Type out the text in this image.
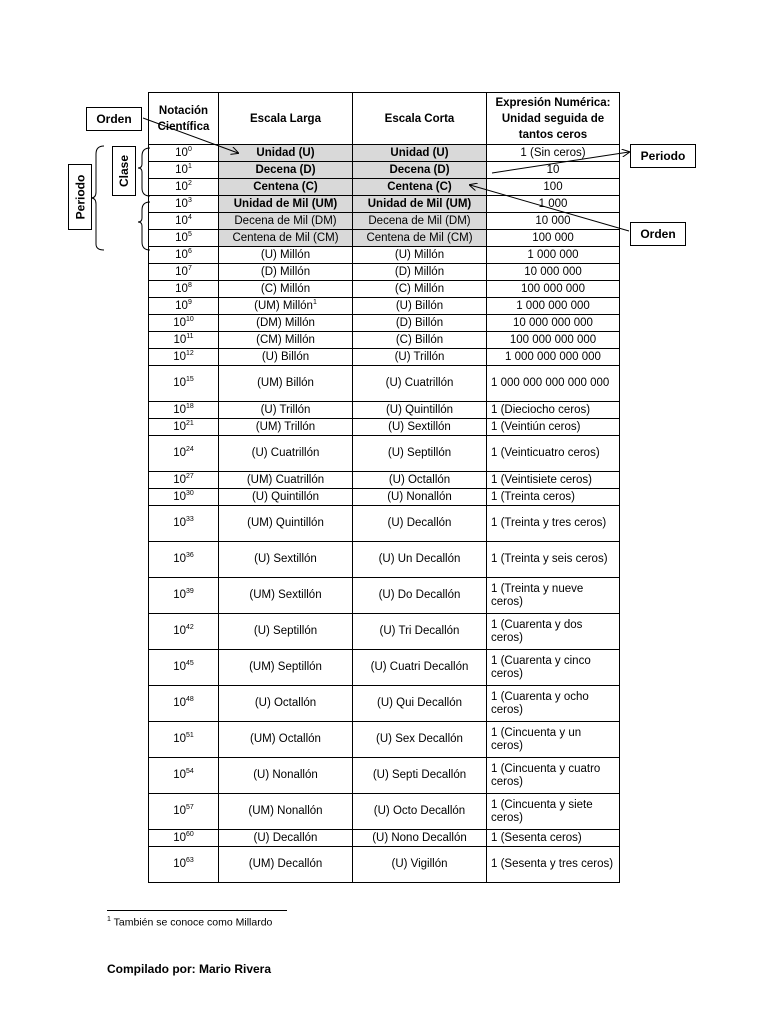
Notación Científica	Escala Larga	Escala Corta	Expresión Numérica: Unidad seguida de tantos ceros
$10^0$	Unidad (U)	Unidad (U)	1 (Sin ceros)
$10^1$	Decena (D)	Decena (D)	10
$10^2$	Centena (C)	Centena (C)	100
$10^3$	Unidad de Mil (UM)	Unidad de Mil (UM)	1 000
$10^4$	Decena de Mil (DM)	Decena de Mil (DM)	10 000
$10^5$	Centena de Mil (CM)	Centena de Mil (CM)	100 000
$10^6$	(U) Millón	(U) Millón	1 000 000
$10^7$	(D) Millón	(D) Millón	10 000 000
$10^8$	(C) Millón	(C) Millón	100 000 000
$10^9$	(UM) Millón$^1$	(U) Billón	1 000 000 000
$10^{10}$	(DM) Millón	(D) Billón	10 000 000 000
$10^{11}$	(CM) Millón	(C) Billón	100 000 000 000
$10^{12}$	(U) Billón	(U) Trillón	1 000 000 000 000
$10^{15}$	(UM) Billón	(U) Cuatrillón	1 000 000 000 000 000
$10^{18}$	(U) Trillón	(U) Quintillón	1 (Dieciocho ceros)
$10^{21}$	(UM) Trillón	(U) Sextillón	1 (Veintiún ceros)
$10^{24}$	(U) Cuatrillón	(U) Septillón	1 (Veinticuatro ceros)
$10^{27}$	(UM) Cuatrillón	(U) Octallón	1 (Veintisiete ceros)
$10^{30}$	(U) Quintillón	(U) Nonallón	1 (Treinta ceros)
$10^{33}$	(UM) Quintillón	(U) Decallón	1 (Treinta y tres ceros)
$10^{36}$	(U) Sextillón	(U) Un Decallón	1 (Treinta y seis ceros)
$10^{39}$	(UM) Sextillón	(U) Do Decallón	1 (Treinta y nueve ceros)
$10^{42}$	(U) Septillón	(U) Tri Decallón	1 (Cuarenta y dos ceros)
$10^{45}$	(UM) Septillón	(U) Cuatri Decallón	1 (Cuarenta y cinco ceros)
$10^{48}$	(U) Octallón	(U) Qui Decallón	1 (Cuarenta y ocho ceros)
$10^{51}$	(UM) Octallón	(U) Sex Decallón	1 (Cincuenta y un ceros)
$10^{54}$	(U) Nonallón	(U) Septi Decallón	1 (Cincuenta y cuatro ceros)
$10^{57}$	(UM) Nonallón	(U) Octo Decallón	1 (Cincuenta y siete ceros)
$10^{60}$	(U) Decallón	(U) Nono Decallón	1 (Sesenta ceros)
$10^{63}$	(UM) Decallón	(U) Vigillón	1 (Sesenta y tres ceros)
Orden
Periodo
Orden
Clase
Periodo
$^1$ También se conoce como Millardo
Compilado por: Mario Rivera
